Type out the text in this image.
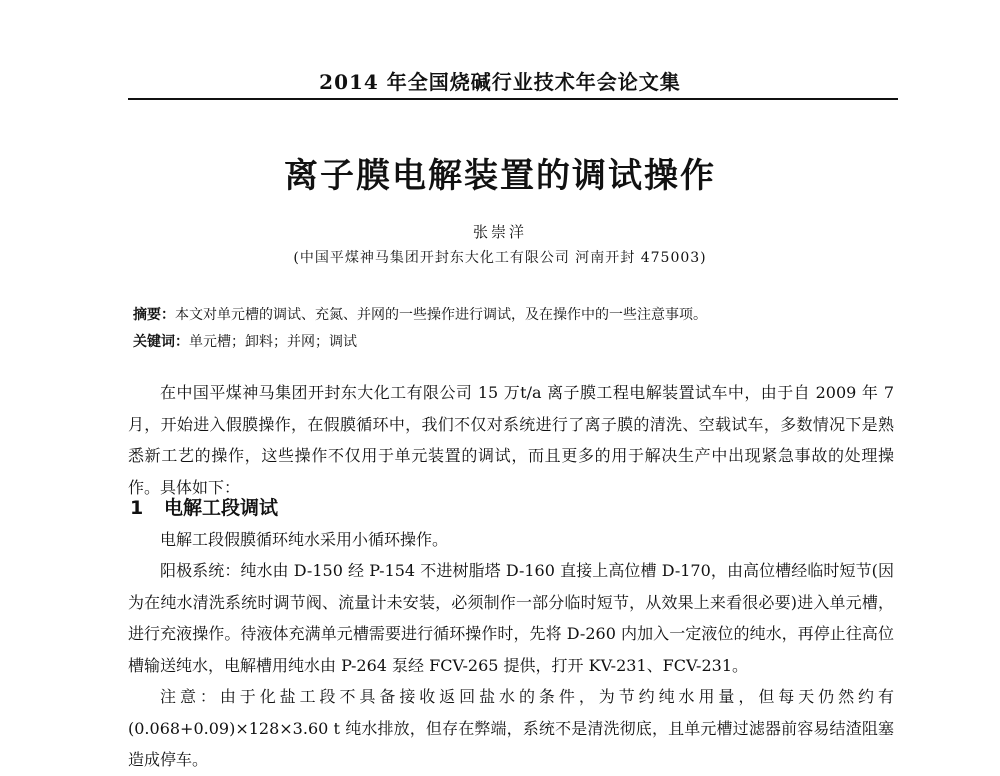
2014 年全国烧碱行业技术年会论文集
离子膜电解装置的调试操作
张崇洋
(中国平煤神马集团开封东大化工有限公司 河南开封 475003)
摘要：本文对单元槽的调试、充氮、并网的一些操作进行调试，及在操作中的一些注意事项。
关键词：单元槽；卸料；并网；调试
在中国平煤神马集团开封东大化工有限公司 15 万t/a 离子膜工程电解装置试车中，由于自 2009 年 7 月，开始进入假膜操作，在假膜循环中，我们不仅对系统进行了离子膜的清洗、空载试车，多数情况下是熟悉新工艺的操作，这些操作不仅用于单元装置的调试，而且更多的用于解决生产中出现紧急事故的处理操作。具体如下：
1 电解工段调试
电解工段假膜循环纯水采用小循环操作。
阳极系统：纯水由 D-150 经 P-154 不进树脂塔 D-160 直接上高位槽 D-170，由高位槽经临时短节(因为在纯水清洗系统时调节阀、流量计未安装，必须制作一部分临时短节，从效果上来看很必要)进入单元槽，进行充液操作。待液体充满单元槽需要进行循环操作时，先将 D-260 内加入一定液位的纯水，再停止往高位槽输送纯水，电解槽用纯水由 P-264 泵经 FCV-265 提供，打开 KV-231、FCV-231。
注意：由于化盐工段不具备接收返回盐水的条件，为节约纯水用量，但每天仍然约有(0.068+0.09)×128×3.60 t 纯水排放，但存在弊端，系统不是清洗彻底，且单元槽过滤器前容易结渣阻塞造成停车。
